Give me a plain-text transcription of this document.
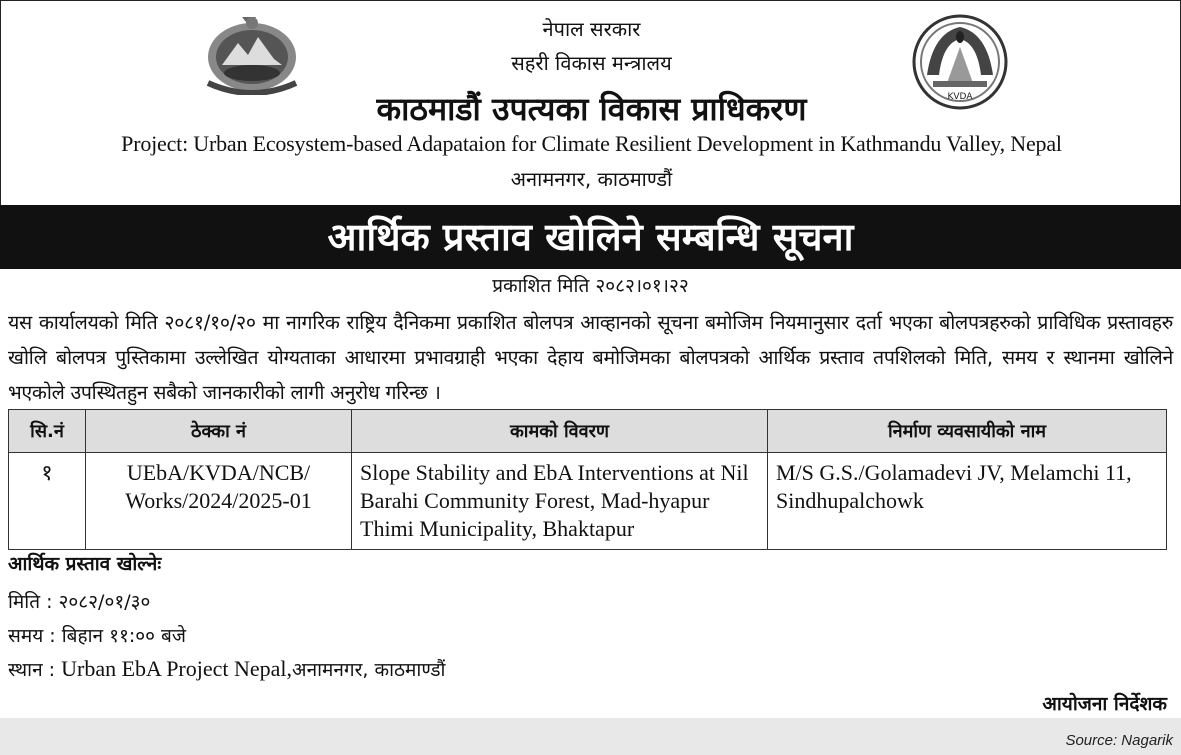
नेपाल सरकार
सहरी विकास मन्त्रालय
काठमाडौं उपत्यका विकास प्राधिकरण
Project: Urban Ecosystem-based Adapataion for Climate Resilient Development in Kathmandu Valley, Nepal
अनामनगर, काठमाण्डौं
KVDA
आर्थिक प्रस्ताव खोलिने सम्बन्धि सूचना
प्रकाशित मिति २०८२।०१।२२
यस कार्यालयको मिति २०८१/१०/२० मा नागरिक राष्ट्रिय दैनिकमा प्रकाशित बोलपत्र आव्हानको सूचना बमोजिम नियमानुसार दर्ता भएका बोलपत्रहरुको प्राविधिक प्रस्तावहरु खोलि बोलपत्र पुस्तिकामा उल्लेखित योग्यताका आधारमा प्रभावग्राही भएका देहाय बमोजिमका बोलपत्रको आर्थिक प्रस्ताव तपशिलको मिति, समय र स्थानमा खोलिने भएकोले उपस्थितहुन सबैको जानकारीको लागी अनुरोध गरिन्छ ।
सि.नं	ठेक्का नं	कामको विवरण	निर्माण व्यवसायीको नाम
१	UEbA/KVDA/NCB/ Works/2024/2025-01	Slope Stability and EbA Interventions at Nil Barahi Community Forest, Mad-hyapur Thimi Municipality, Bhaktapur	M/S G.S./Golamadevi JV, Melamchi 11, Sindhupalchowk
आर्थिक प्रस्ताव खोल्नेः
मिति : २०८२/०१/३०
समय : बिहान ११:०० बजे
स्थान : Urban EbA Project Nepal,अनामनगर, काठमाण्डौं
आयोजना निर्देशक
Source: Nagarik
